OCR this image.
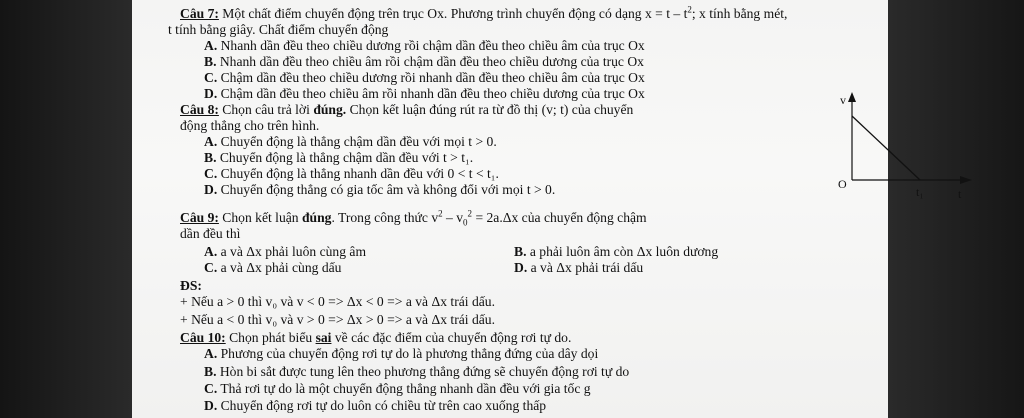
Câu 7: Một chất điểm chuyển động trên trục Ox. Phương trình chuyển động có dạng $x = t - t^2$; x tính bằng mét,
t tính bằng giây. Chất điểm chuyển động
A. Nhanh dần đều theo chiều dương rồi chậm dần đều theo chiều âm của trục Ox
B. Nhanh dần đều theo chiều âm rồi chậm dần đều theo chiều dương của trục Ox
C. Chậm dần đều theo chiều dương rồi nhanh dần đều theo chiều âm của trục Ox
D. Chậm dần đều theo chiều âm rồi nhanh dần đều theo chiều dương của trục Ox
Câu 8: Chọn câu trả lời đúng. Chọn kết luận đúng rút ra từ đồ thị (v; t) của chuyển
động thẳng cho trên hình.
A. Chuyển động là thẳng chậm dần đều với mọi t > 0.
B. Chuyển động là thẳng chậm dần đều với t > t₁.
C. Chuyển động là thẳng nhanh dần đều với 0 < t < t₁.
D. Chuyển động thẳng có gia tốc âm và không đổi với mọi t > 0.
v
O
t₁	t
Câu 9: Chọn kết luận đúng. Trong công thức $v^2 - v_0^2 = 2a.\Delta x$ của chuyển động chậm
dần đều thì
A. a và Δx phải luôn cùng âm	B. a phải luôn âm còn Δx luôn dương
C. a và Δx phải cùng dấu	D. a và Δx phải trái dấu
ĐS:
+ Nếu a > 0 thì v₀ và v < 0 => Δx < 0 => a và Δx trái dấu.
+ Nếu a < 0 thì v₀ và v > 0 => Δx > 0 => a và Δx trái dấu.
Câu 10: Chọn phát biểu sai về các đặc điểm của chuyển động rơi tự do.
A. Phương của chuyển động rơi tự do là phương thẳng đứng của dây dọi
B. Hòn bi sắt được tung lên theo phương thẳng đứng sẽ chuyển động rơi tự do
C. Thả rơi tự do là một chuyển động thẳng nhanh dần đều với gia tốc g
D. Chuyển động rơi tự do luôn có chiều từ trên cao xuống thấp
